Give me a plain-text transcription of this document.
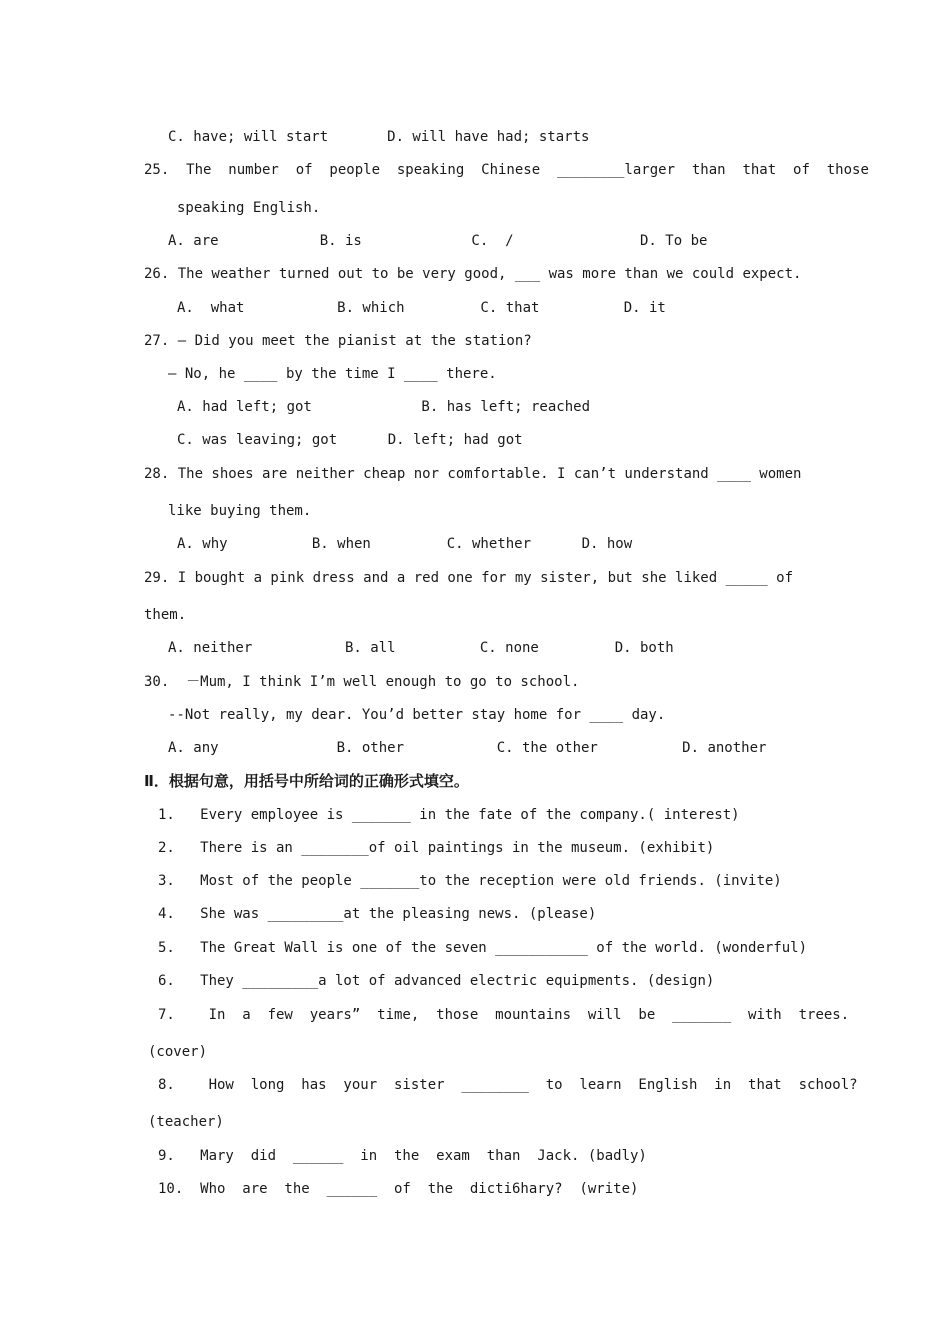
C. have; will start       D. will have had; starts
25.  The  number  of  people  speaking  Chinese  ________larger  than  that  of  those
speaking English.
A. are            B. is             C.  /               D. To be
26. The weather turned out to be very good, ___ was more than we could expect.
A.  what           B. which         C. that          D. it
27. — Did you meet the pianist at the station?
— No, he ____ by the time I ____ there.
A. had left; got             B. has left; reached
C. was leaving; got      D. left; had got
28. The shoes are neither cheap nor comfortable. I can’t understand ____ women
like buying them.
A. why          B. when         C. whether      D. how
29. I bought a pink dress and a red one for my sister, but she liked _____ of
them.
A. neither           B. all          C. none         D. both
30.  －Mum, I think I’m well enough to go to school.
--Not really, my dear. You’d better stay home for ____ day.
A. any              B. other           C. the other          D. another
Ⅱ．根据句意，用括号中所给词的正确形式填空。
1.   Every employee is _______ in the fate of the company.( interest)
2.   There is an ________of oil paintings in the museum. (exhibit)
3.   Most of the people _______to the reception were old friends. (invite)
4.   She was _________at the pleasing news. (please)
5.   The Great Wall is one of the seven ___________ of the world. (wonderful)
6.   They _________a lot of advanced electric equipments. (design)
7.    In  a  few  years”  time,  those  mountains  will  be  _______  with  trees.
(cover)
8.    How  long  has  your  sister  ________  to  learn  English  in  that  school?
(teacher)
9.   Mary  did  ______  in  the  exam  than  Jack. (badly)
10.  Who  are  the  ______  of  the  dicti6hary?  (write)
